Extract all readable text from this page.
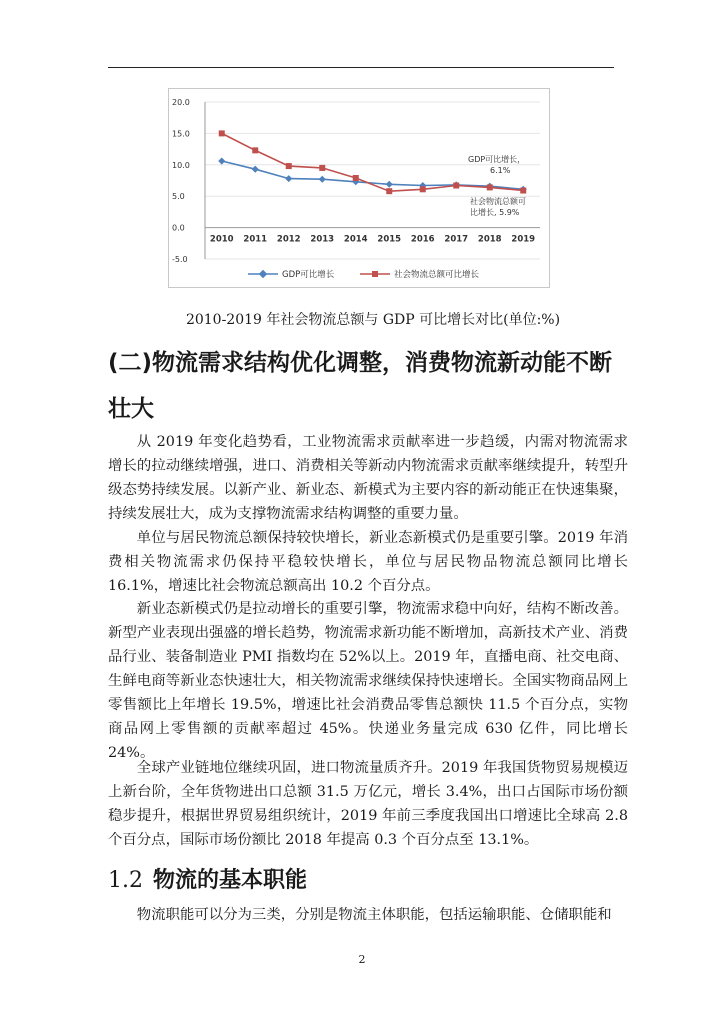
20.0
15.0
10.0
5.0
0.0
-5.0
2010 2011 2012 2013 2014 2015 2016 2017 2018 2019
GDP可比增长，
6.1%
社会物流总额可
比增长, 5.9%
GDP可比增长	社会物流总额可比增长
2010-2019 年社会物流总额与 GDP 可比增长对比(单位:%)
(二)物流需求结构优化调整，消费物流新动能不断壮大

从 2019 年变化趋势看，工业物流需求贡献率进一步趋缓，内需对物流需求增长的拉动继续增强，进口、消费相关等新动内物流需求贡献率继续提升，转型升级态势持续发展。以新产业、新业态、新模式为主要内容的新动能正在快速集聚，持续发展壮大，成为支撑物流需求结构调整的重要力量。

单位与居民物流总额保持较快增长，新业态新模式仍是重要引擎。2019 年消费相关物流需求仍保持平稳较快增长，单位与居民物品物流总额同比增长 16.1%，增速比社会物流总额高出 10.2 个百分点。

新业态新模式仍是拉动增长的重要引擎，物流需求稳中向好，结构不断改善。新型产业表现出强盛的增长趋势，物流需求新功能不断增加，高新技术产业、消费品行业、装备制造业 PMI 指数均在 52%以上。2019 年，直播电商、社交电商、生鲜电商等新业态快速壮大，相关物流需求继续保持快速增长。全国实物商品网上零售额比上年增长 19.5%，增速比社会消费品零售总额快 11.5 个百分点，实物商品网上零售额的贡献率超过 45%。快递业务量完成 630 亿件，同比增长 24%。

全球产业链地位继续巩固，进口物流量质齐升。2019 年我国货物贸易规模迈上新台阶，全年货物进出口总额 31.5 万亿元，增长 3.4%，出口占国际市场份额稳步提升，根据世界贸易组织统计，2019 年前三季度我国出口增速比全球高 2.8 个百分点，国际市场份额比 2018 年提高 0.3 个百分点至 13.1%。

1.2 物流的基本职能

物流职能可以分为三类，分别是物流主体职能，包括运输职能、仓储职能和

2
